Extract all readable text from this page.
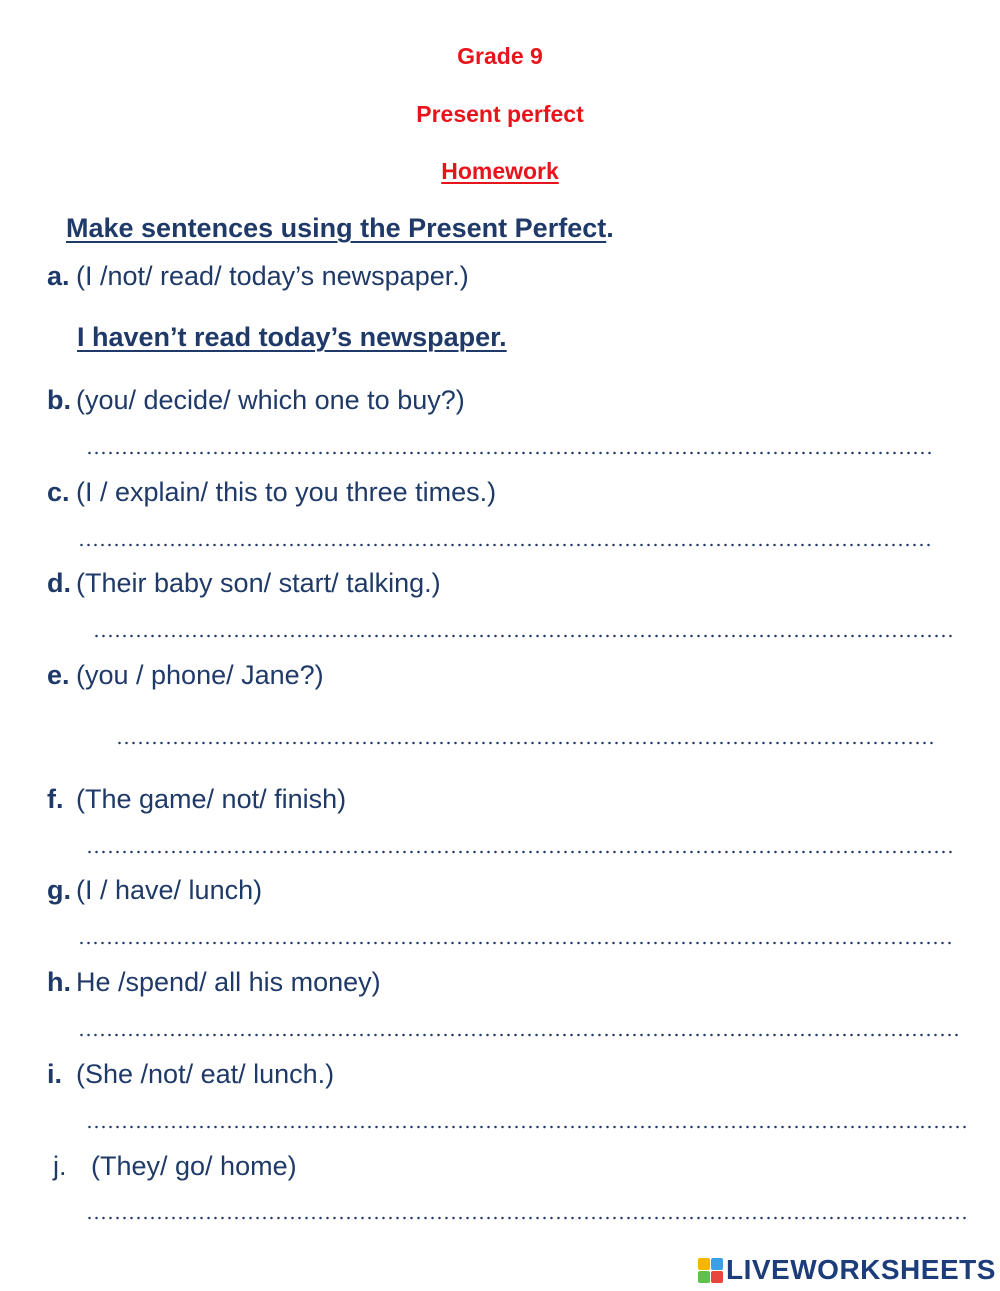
Grade 9
Present perfect
Homework
Make sentences using the Present Perfect.
a. (I /not/ read/ today’s newspaper.)
I haven’t read today’s newspaper.
b. (you/ decide/ which one to buy?)
c. (I / explain/ this to you three times.)
d. (Their baby son/ start/ talking.)
e. (you / phone/ Jane?)
f. (The game/ not/ finish)
g. (I / have/ lunch)
h. He /spend/ all his money)
i. (She /not/ eat/ lunch.)
j. (They/ go/ home)
LIVEWORKSHEETS
